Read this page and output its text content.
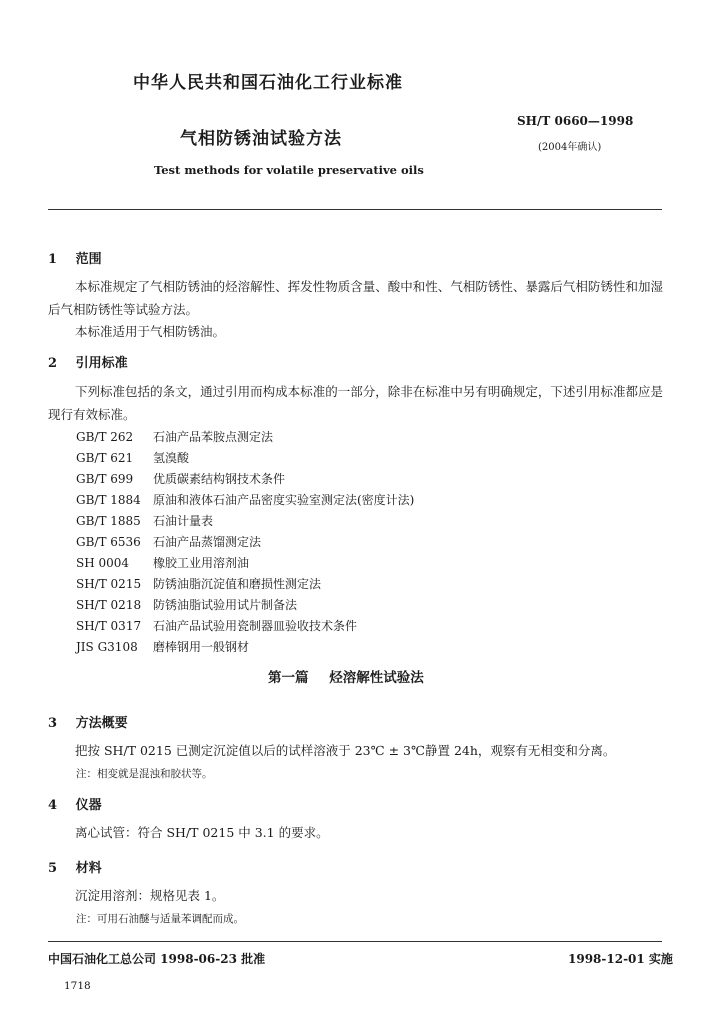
中华人民共和国石油化工行业标准
气相防锈油试验方法
Test methods for volatile preservative oils
SH/T 0660—1998
(2004年确认)
1 范围
本标准规定了气相防锈油的烃溶解性、挥发性物质含量、酸中和性、气相防锈性、暴露后气相防锈性和加湿后气相防锈性等试验方法。
本标准适用于气相防锈油。
2 引用标准
下列标准包括的条文，通过引用而构成本标准的一部分，除非在标准中另有明确规定，下述引用标准都应是现行有效标准。
GB/T 262 石油产品苯胺点测定法
GB/T 621 氢溴酸
GB/T 699 优质碳素结构钢技术条件
GB/T 1884 原油和液体石油产品密度实验室测定法(密度计法)
GB/T 1885 石油计量表
GB/T 6536 石油产品蒸馏测定法
SH 0004 橡胶工业用溶剂油
SH/T 0215 防锈油脂沉淀值和磨损性测定法
SH/T 0218 防锈油脂试验用试片制备法
SH/T 0317 石油产品试验用瓷制器皿验收技术条件
JIS G3108 磨棒钢用一般钢材
第一篇 烃溶解性试验法
3 方法概要
把按 SH/T 0215 已测定沉淀值以后的试样溶液于 23℃ ± 3℃静置 24h，观察有无相变和分离。
注：相变就是混浊和胶状等。
4 仪器
离心试管：符合 SH/T 0215 中 3.1 的要求。
5 材料
沉淀用溶剂：规格见表 1。
注：可用石油醚与适量苯调配而成。
中国石油化工总公司 1998-06-23 批准	1998-12-01 实施
1718
